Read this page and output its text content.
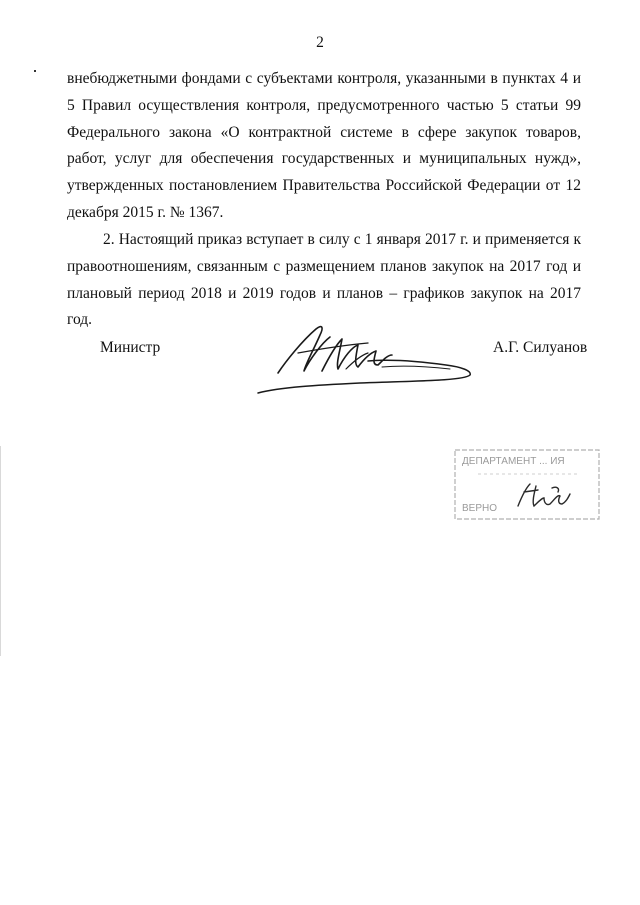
2
внебюджетными фондами с субъектами контроля, указанными в пунктах 4 и 5 Правил осуществления контроля, предусмотренного частью 5 статьи 99 Федерального закона «О контрактной системе в сфере закупок товаров, работ, услуг для обеспечения государственных и муниципальных нужд», утвержденных постановлением Правительства Российской Федерации от 12 декабря 2015 г. № 1367.
2. Настоящий приказ вступает в силу с 1 января 2017 г. и применяется к правоотношениям, связанным с размещением планов закупок на 2017 год и плановый период 2018 и 2019 годов и планов – графиков закупок на 2017 год.
Министр	А.Г. Силуанов
ДЕПАРТАМЕНТ ... ИЯ
ВЕРНО
